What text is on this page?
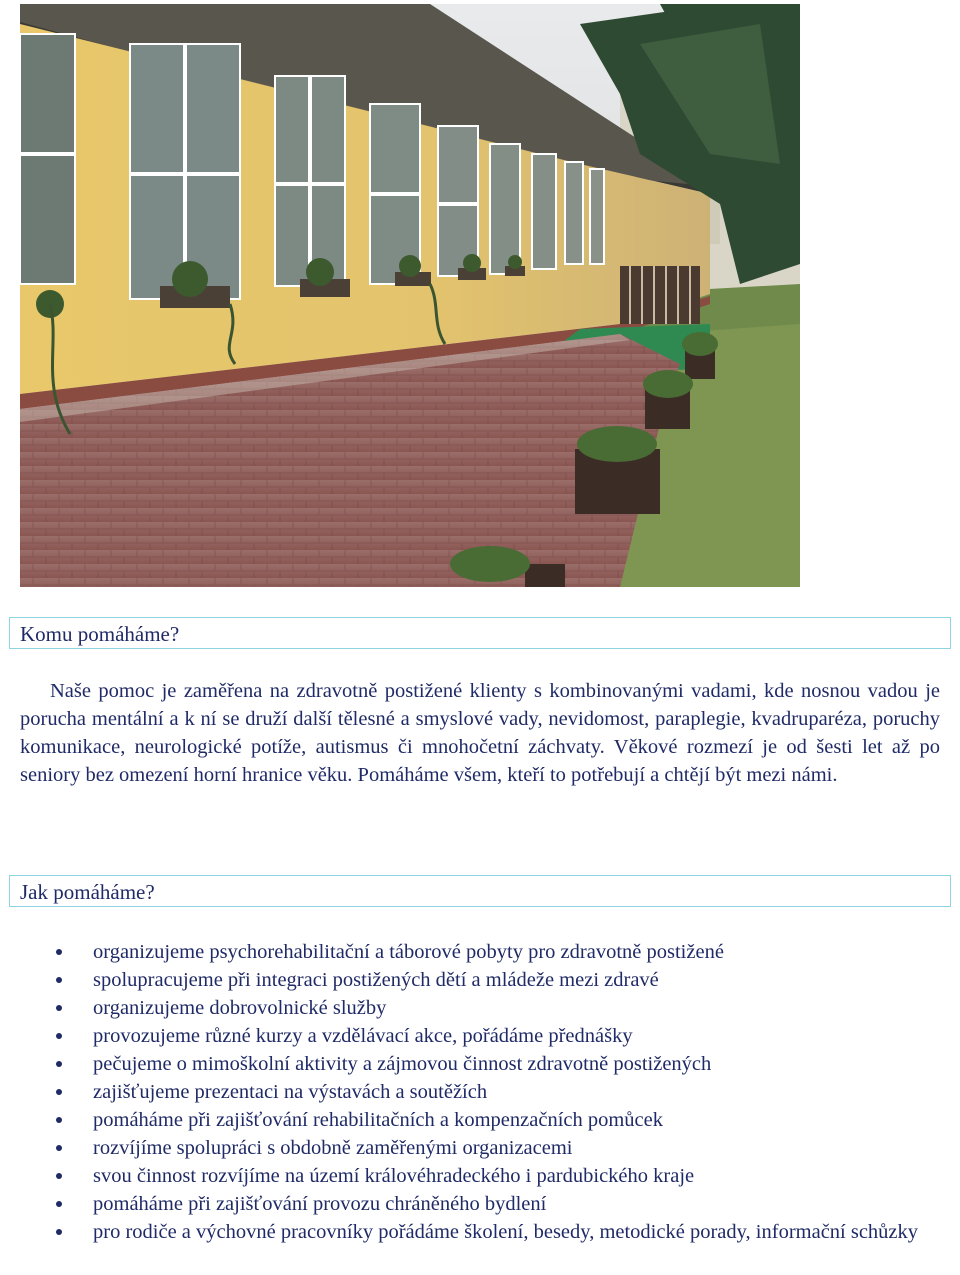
Komu pomáháme?
Naše pomoc je zaměřena na zdravotně postižené klienty s kombinovanými vadami, kde nosnou vadou je porucha mentální a k ní se druží další tělesné a smyslové vady, nevidomost, paraplegie, kvadruparéza, poruchy komunikace, neurologické potíže, autismus či mnohočetní záchvaty. Věkové rozmezí je od šesti let až po seniory bez omezení horní hranice věku. Pomáháme všem, kteří to potřebují a chtějí být mezi námi.
Jak pomáháme?
organizujeme psychorehabilitační a táborové pobyty pro zdravotně postižené
spolupracujeme při integraci postižených dětí a mládeže mezi zdravé
organizujeme dobrovolnické služby
provozujeme různé kurzy a vzdělávací akce, pořádáme přednášky
pečujeme o mimoškolní aktivity a zájmovou činnost zdravotně postižených
zajišťujeme prezentaci na výstavách a soutěžích
pomáháme při zajišťování rehabilitačních a kompenzačních pomůcek
rozvíjíme spolupráci s obdobně zaměřenými organizacemi
svou činnost rozvíjíme na území královéhradeckého i pardubického kraje
pomáháme při zajišťování provozu chráněného bydlení
pro rodiče a výchovné pracovníky pořádáme školení, besedy, metodické porady, informační schůzky
